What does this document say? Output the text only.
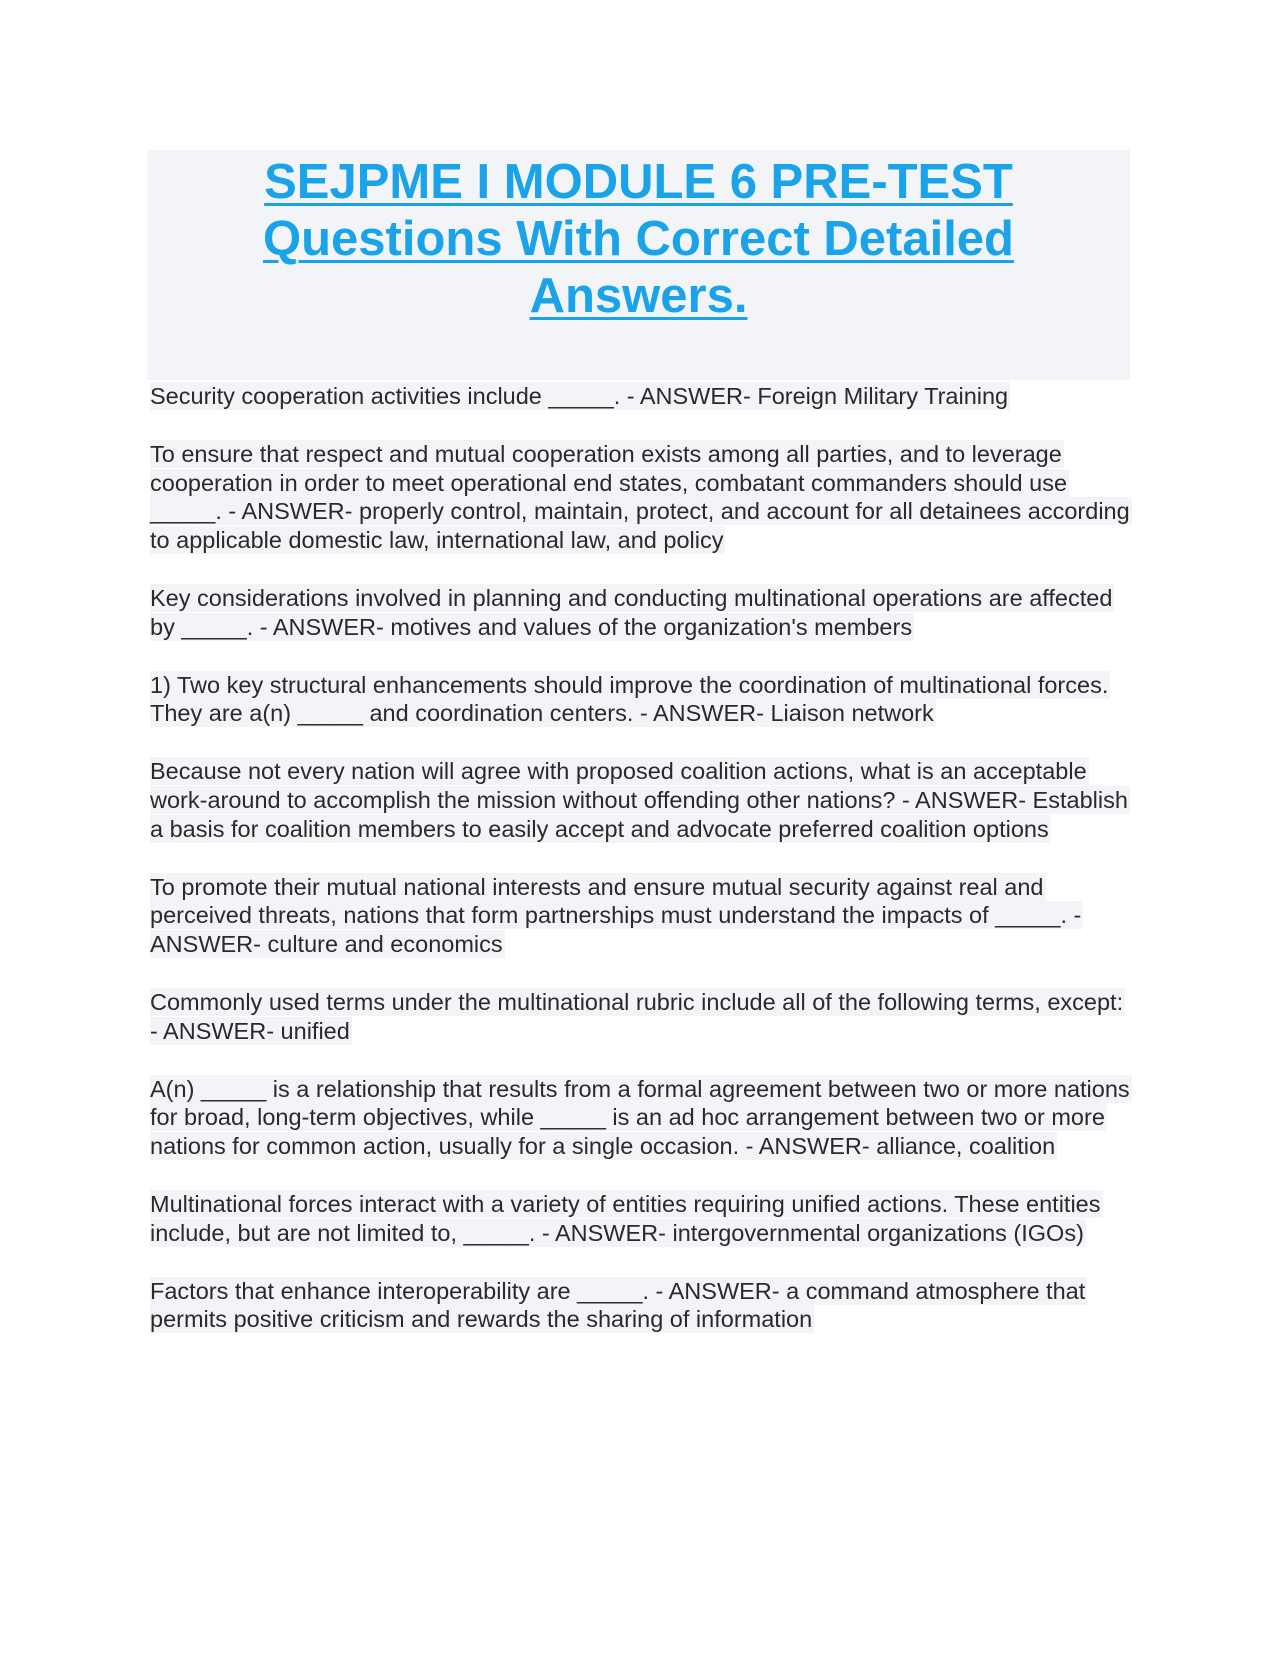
SEJPME I MODULE 6 PRE-TEST
Questions With Correct Detailed
Answers.

Security cooperation activities include _____. - ANSWER- Foreign Military Training

To ensure that respect and mutual cooperation exists among all parties, and to leverage cooperation in order to meet operational end states, combatant commanders should use _____. - ANSWER- properly control, maintain, protect, and account for all detainees according to applicable domestic law, international law, and policy

Key considerations involved in planning and conducting multinational operations are affected by _____. - ANSWER- motives and values of the organization's members

1) Two key structural enhancements should improve the coordination of multinational forces. They are a(n) _____ and coordination centers. - ANSWER- Liaison network

Because not every nation will agree with proposed coalition actions, what is an acceptable work-around to accomplish the mission without offending other nations? - ANSWER- Establish a basis for coalition members to easily accept and advocate preferred coalition options

To promote their mutual national interests and ensure mutual security against real and perceived threats, nations that form partnerships must understand the impacts of _____. - ANSWER- culture and economics

Commonly used terms under the multinational rubric include all of the following terms, except: - ANSWER- unified

A(n) _____ is a relationship that results from a formal agreement between two or more nations for broad, long-term objectives, while _____ is an ad hoc arrangement between two or more nations for common action, usually for a single occasion. - ANSWER- alliance, coalition

Multinational forces interact with a variety of entities requiring unified actions. These entities include, but are not limited to, _____. - ANSWER- intergovernmental organizations (IGOs)

Factors that enhance interoperability are _____. - ANSWER- a command atmosphere that permits positive criticism and rewards the sharing of information
